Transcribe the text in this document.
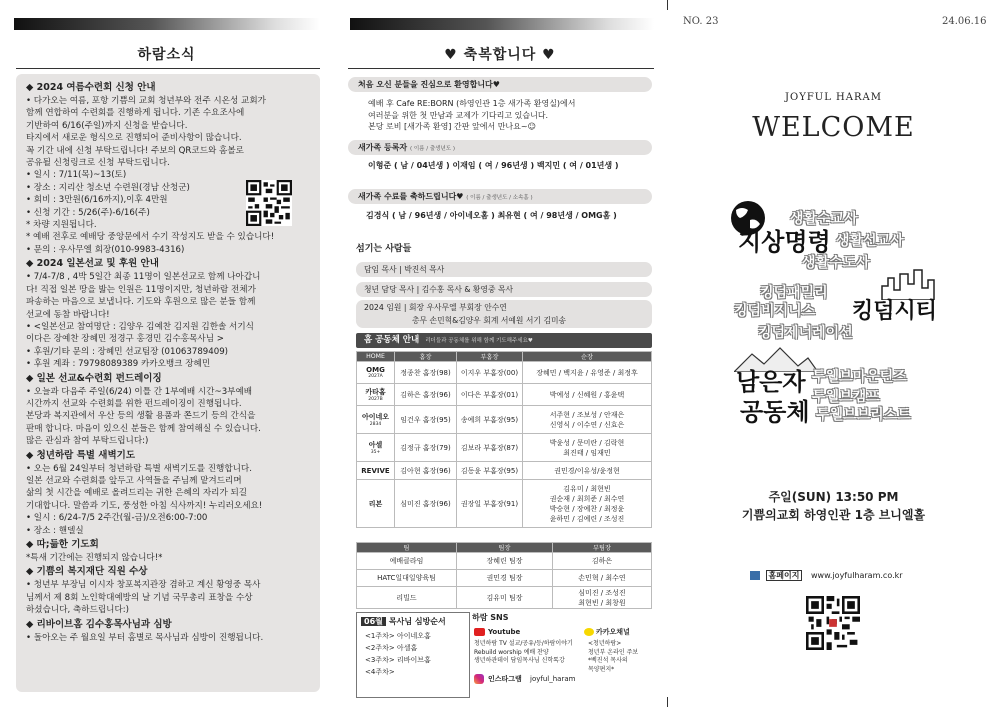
하람소식
◆ 2024 여름수련회 신청 안내
• 다가오는 여름, 포항 기쁨의 교회 청년부와 전주 시온성 교회가
함께 연합하여 수련회를 진행하게 됩니다. 기존 수요조사에
기반하여 6/16(주일)까지 신청을 받습니다.
타지에서 새로운 형식으로 진행되어 준비사항이 많습니다.
꼭 기간 내에 신청 부탁드립니다! 주보의 QR코드와 홈볼로
공유될 신청링크로 신청 부탁드립니다.
• 일시 : 7/11(목)~13(토)
• 장소 : 지리산 청소년 수련원(경남 산청군)
• 회비 : 3만원(6/16까지),이후 4만원
• 신청 기간 : 5/26(주)-6/16(주)
* 차량 지원됩니다.
* 예배 전후로 예배당 중앙문에서 수기 작성지도 받을 수 있습니다!
• 문의 : 우사무엘 회장(010-9983-4316)
◆ 2024 일본선교 및 후원 안내
• 7/4-7/8 , 4박 5일간 최종 11명이 일본선교로 함께 나아갑니
다! 직접 일본 땅을 밟는 인원은 11명이지만, 청년하람 전체가
파송하는 마음으로 보냅니다. 기도와 후원으로 많은 분들 함께
선교에 동참 바랍니다!
• <일본선교 참여명단 : 김양우 김예찬 김지원 김한솔 서기식
이다은 장예찬 장혜민 정경구 홍경민 김수홍목사님 >
• 후원/기타 문의 : 장혜민 선교팀장 (01063789409)
• 후원 계좌 : 79798089389 카카오뱅크 장혜민
◆ 일본 선교&수련회 펀드레이징
• 오늘과 다음주 주일(6/24) 이틀 간 1부예배 시간~3부예배
시간까지 선교와 수련회를 위한 펀드레이징이 진행됩니다.
본당과 복지관에서 우산 등의 생활 용품과 쫀드기 등의 간식을
판매 합니다. 마음이 있으신 분들은 함께 참여해실 수 있습니다.
많은 관심과 참여 부탁드립니다:)
◆ 청년하람 특별 새벽기도
• 오는 6월 24일부터 청년하람 특별 새벽기도를 진행합니다.
일본 선교와 수련회를 앞두고 사역들을 주님께 맡겨드리며
삶의 첫 시간을 예배로 올려드리는 귀한 은혜의 자리가 되길
기대합니다. 말씀과 기도, 풍성한 아침 식사까지! 누리러오세요!
• 일시 : 6/24-7/5 2주간(월-금)/오전6:00-7:00
• 장소 : 핸델실
◆ 따;듦한 기도회
*특새 기간에는 진행되지 않습니다!*
◆ 기쁨의 복지재단 직원 수상
• 청년부 부장님 이시자 창포복지관장 겸하고 계신 황영중 목사
님께서 제 8회 노인학대예방의 날 기념 국무총리 표창을 수상
하셨습니다, 축하드립니다:)
◆ 리바이브홈 김수홍목사님과 심방
• 돌아오는 주 월요일 부터 홈별로 목사님과 심방이 진행됩니다.
♥ 축복합니다 ♥
처음 오신 분들을 진심으로 환영합니다♥
예배 후 Cafe RE:BORN (하영인관 1층 새가족 환영실)에서
여러분을 위한 첫 만남과 교제가 기다리고 있습니다.
본당 로비 [새가족 환영] 간판 앞에서 만나요~☺
새가족 등록자 ( 이름 / 출생년도 )
이형준 ( 남 / 04년생 ) 이재임 ( 여 / 96년생 ) 백지민 ( 여 / 01년생 )
새가족 수료를 축하드립니다♥ ( 이름 / 출생년도 / 소속홈 )
김경식 ( 남 / 96년생 / 아이네오홈 ) 최유현 ( 여 / 98년생 / OMG홈 )
섬기는 사람들
담임 목사 | 박진석 목사
청년 담당 목사 | 김수홍 목사 & 황영중 목사
2024 임원 | 회장 우사무엘 부회장 안수연
총무 손민혁&김양우 회계 서예원 서기 김미송
홈 공동체 안내 리더들과 공동체를 위해 함께 기도해주세요♥
HOME	홈장	부홈장	순장

OMG
2027A	정종찬 홈장(98)	이지우 부홈장(00)	장혜민 / 백지윤 / 유영준 / 최정후

카타홈
2027B	김하은 홈장(96)	이다은 부홈장(01)	박예성 / 신혜원 / 홍윤택

아이네오
2834	임건우 홈장(95)	송예희 부홈장(95)	서주현 / 조보성 / 안재은
신영식 / 이수연 / 신효은

아셀
35+	김정규 홈장(79)	김보라 부홈장(87)	박윤성 / 문미란 / 김락현
최진태 / 임재민

REVIVE	김아현 홈장(96)	김동윤 부홈장(95)	권민경/이유성/윤정현

리본	심미진 홈장(96)	권장일 부홈장(91)	김유미 / 최현빈
권순재 / 최희준 / 최수연
박승현 / 장예찬 / 최정윤
윤하민 / 김예린 / 조성진
팀	팀장	부팀장
예배클라임	장혜린 팀장	김하은
HATC일대일양육팀	권민경 팀장	손민혁 / 최수연
리빌드	김유미 팀장	심미진 / 조성진
최현빈 / 최창원
06월 목사님 심방순서
<1주차> 아이네오홈
<2주차> 아셀홈
<3주차> 리바이브홈
<4주차>
하람 SNS
Youtube
청년하람 TV 설교/공유/등/하람이야기
Rebuild worship 예배 찬양
생년하관데이 담임목사님 신학톡강
카카오채널
<청년하람>
청년부 온라인 주보
*벡진석 목사의
목양편지*
인스타그램 joyful_haram
NO. 23	24.06.16
JOYFUL HARAM
WELCOME
생활순교사
지상명령 생활선교사
생활수도사
킹덤패밀리
킹덤비지니스 킹덤시티
킹덤제너레이션
남은자
공동체
투웰브마운틴즈
투웰브캠프
투웰브브리스트
주일(SUN) 13:50 PM
기쁨의교회 하영인관 1층 브니엘홀
홈페이지 www.joyfulharam.co.kr
